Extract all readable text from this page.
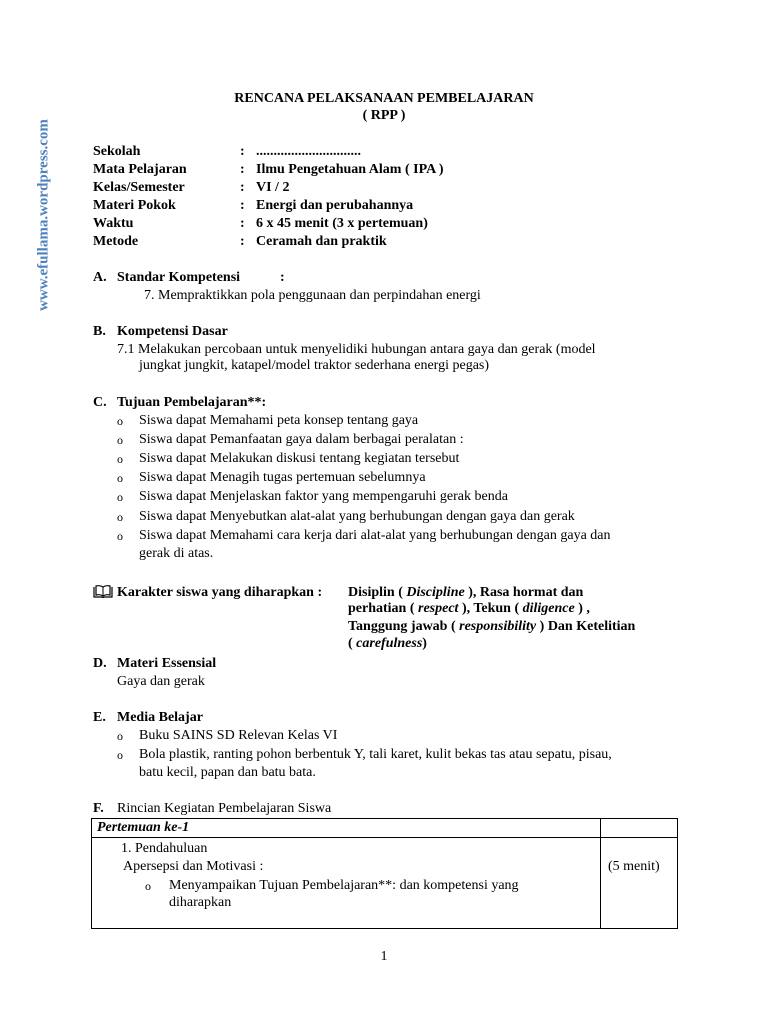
www.efullama.wordpress.com
RENCANA PELAKSANAAN PEMBELAJARAN
( RPP )
Sekolah	: ..............................
Mata Pelajaran	: Ilmu Pengetahuan Alam ( IPA )
Kelas/Semester	: VI / 2
Materi Pokok	: Energi dan perubahannya
Waktu	: 6 x 45 menit (3 x pertemuan)
Metode	: Ceramah dan praktik
A. Standar Kompetensi	:
7. Mempraktikkan pola penggunaan dan perpindahan energi
B. Kompetensi Dasar
7.1 Melakukan percobaan untuk menyelidiki hubungan antara gaya dan gerak (model
jungkat jungkit, katapel/model traktor sederhana energi pegas)
C. Tujuan Pembelajaran**:
o Siswa dapat Memahami peta konsep tentang gaya
o Siswa dapat Pemanfaatan gaya dalam berbagai peralatan :
o Siswa dapat Melakukan diskusi tentang kegiatan tersebut
o Siswa dapat Menagih tugas pertemuan sebelumnya
o Siswa dapat Menjelaskan faktor yang mempengaruhi gerak benda
o Siswa dapat Menyebutkan alat-alat yang berhubungan dengan gaya dan gerak
o Siswa dapat Memahami cara kerja dari alat-alat yang berhubungan dengan gaya dan
gerak di atas.
Karakter siswa yang diharapkan : Disiplin ( Discipline ), Rasa hormat dan
perhatian ( respect ), Tekun ( diligence ) ,
Tanggung jawab ( responsibility ) Dan Ketelitian
( carefulness)
D. Materi Essensial
Gaya dan gerak
E. Media Belajar
o Buku SAINS SD Relevan Kelas VI
o Bola plastik, ranting pohon berbentuk Y, tali karet, kulit bekas tas atau sepatu, pisau,
batu kecil, papan dan batu bata.
F. Rincian Kegiatan Pembelajaran Siswa
Pertemuan ke-1	

1. Pendahuluan
Apersepsi dan Motivasi :
o Menyampaikan Tujuan Pembelajaran**: dan kompetensi yang
diharapkan	(5 menit)
1
